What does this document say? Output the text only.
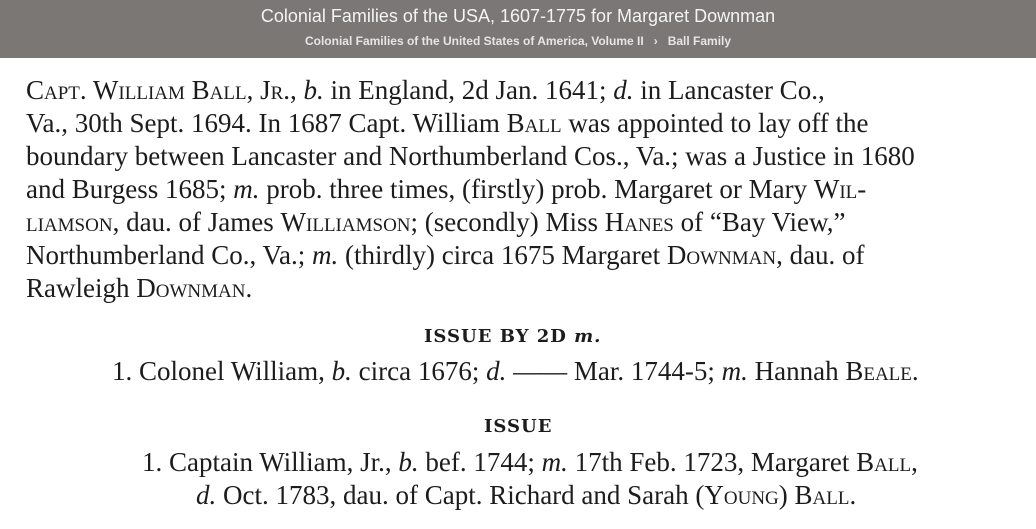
Colonial Families of the USA, 1607-1775 for Margaret Downman
Colonial Families of the United States of America, Volume II › Ball Family
Capt. William Ball, Jr., b. in England, 2d Jan. 1641; d. in Lancaster Co.,
Va., 30th Sept. 1694. In 1687 Capt. William Ball was appointed to lay off the
boundary between Lancaster and Northumberland Cos., Va.; was a Justice in 1680
and Burgess 1685; m. prob. three times, (firstly) prob. Margaret or Mary Wil-
liamson, dau. of James Williamson; (secondly) Miss Hanes of “Bay View,”
Northumberland Co., Va.; m. (thirdly) circa 1675 Margaret Downman, dau. of
Rawleigh Downman.
ISSUE BY 2D m.
1. Colonel William, b. circa 1676; d. —— Mar. 1744-5; m. Hannah Beale.
ISSUE
1. Captain William, Jr., b. bef. 1744; m. 17th Feb. 1723, Margaret Ball,
d. Oct. 1783, dau. of Capt. Richard and Sarah (Young) Ball.
